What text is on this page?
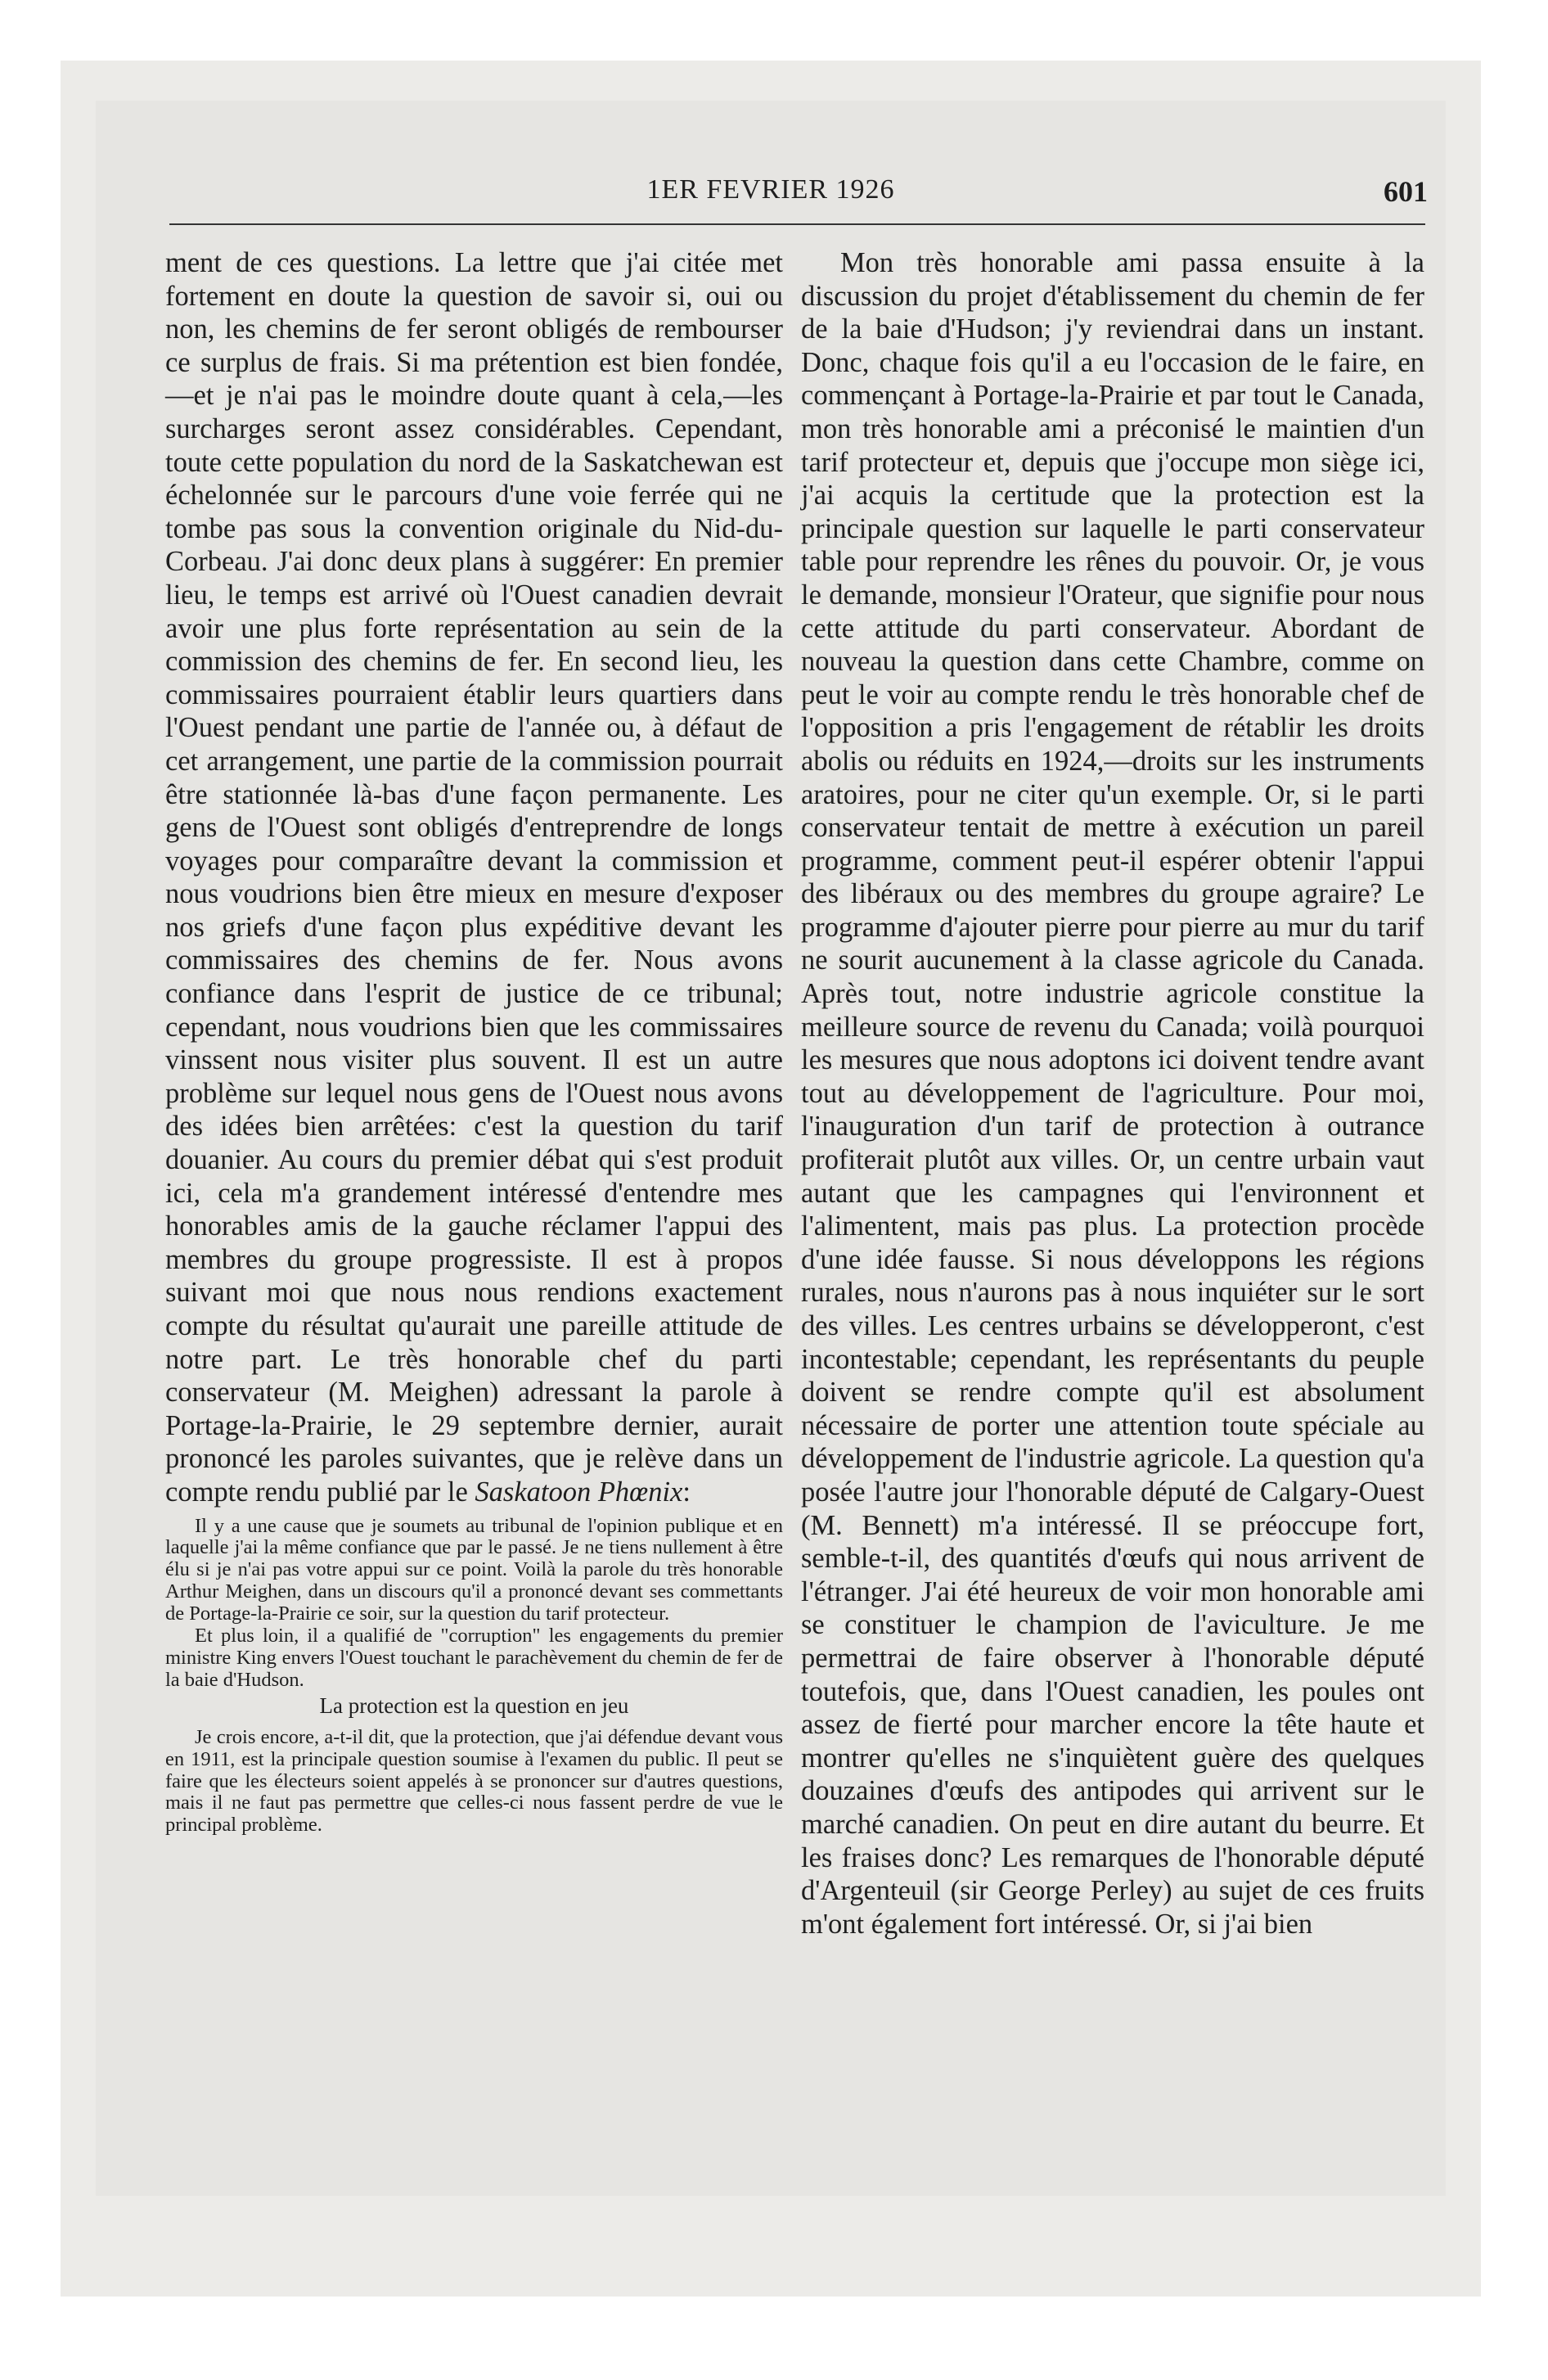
1ER FEVRIER 1926	601

ment de ces questions. La lettre que j'ai citée met fortement en doute la question de savoir si, oui ou non, les chemins de fer seront obligés de rembourser ce surplus de frais. Si ma prétention est bien fondée,—et je n'ai pas le moindre doute quant à cela,—les surcharges seront assez considérables. Cependant, toute cette population du nord de la Saskatchewan est échelonnée sur le parcours d'une voie ferrée qui ne tombe pas sous la convention originale du Nid-du-Corbeau. J'ai donc deux plans à suggérer: En premier lieu, le temps est arrivé où l'Ouest canadien devrait avoir une plus forte représentation au sein de la commission des chemins de fer. En second lieu, les commissaires pourraient établir leurs quartiers dans l'Ouest pendant une partie de l'année ou, à défaut de cet arrangement, une partie de la commission pourrait être stationnée là-bas d'une façon permanente. Les gens de l'Ouest sont obligés d'entreprendre de longs voyages pour comparaître devant la commission et nous voudrions bien être mieux en mesure d'exposer nos griefs d'une façon plus expéditive devant les commissaires des chemins de fer. Nous avons confiance dans l'esprit de justice de ce tribunal; cependant, nous voudrions bien que les commissaires vinssent nous visiter plus souvent. Il est un autre problème sur lequel nous gens de l'Ouest nous avons des idées bien arrêtées: c'est la question du tarif douanier. Au cours du premier débat qui s'est produit ici, cela m'a grandement intéressé d'entendre mes honorables amis de la gauche réclamer l'appui des membres du groupe progressiste. Il est à propos suivant moi que nous nous rendions exactement compte du résultat qu'aurait une pareille attitude de notre part. Le très honorable chef du parti conservateur (M. Meighen) adressant la parole à Portage-la-Prairie, le 29 septembre dernier, aurait prononcé les paroles suivantes, que je relève dans un compte rendu publié par le Saskatoon Phœnix:

Il y a une cause que je soumets au tribunal de l'opinion publique et en laquelle j'ai la même confiance que par le passé. Je ne tiens nullement à être élu si je n'ai pas votre appui sur ce point. Voilà la parole du très honorable Arthur Meighen, dans un discours qu'il a prononcé devant ses commettants de Portage-la-Prairie ce soir, sur la question du tarif protecteur.

Et plus loin, il a qualifié de "corruption" les engagements du premier ministre King envers l'Ouest touchant le parachèvement du chemin de fer de la baie d'Hudson.

La protection est la question en jeu

Je crois encore, a-t-il dit, que la protection, que j'ai défendue devant vous en 1911, est la principale question soumise à l'examen du public. Il peut se faire que les électeurs soient appelés à se prononcer sur d'autres questions, mais il ne faut pas permettre que celles-ci nous fassent perdre de vue le principal problème.

Mon très honorable ami passa ensuite à la discussion du projet d'établissement du chemin de fer de la baie d'Hudson; j'y reviendrai dans un instant. Donc, chaque fois qu'il a eu l'occasion de le faire, en commençant à Portage-la-Prairie et par tout le Canada, mon très honorable ami a préconisé le maintien d'un tarif protecteur et, depuis que j'occupe mon siège ici, j'ai acquis la certitude que la protection est la principale question sur laquelle le parti conservateur table pour reprendre les rênes du pouvoir. Or, je vous le demande, monsieur l'Orateur, que signifie pour nous cette attitude du parti conservateur. Abordant de nouveau la question dans cette Chambre, comme on peut le voir au compte rendu le très honorable chef de l'opposition a pris l'engagement de rétablir les droits abolis ou réduits en 1924,—droits sur les instruments aratoires, pour ne citer qu'un exemple. Or, si le parti conservateur tentait de mettre à exécution un pareil programme, comment peut-il espérer obtenir l'appui des libéraux ou des membres du groupe agraire? Le programme d'ajouter pierre pour pierre au mur du tarif ne sourit aucunement à la classe agricole du Canada. Après tout, notre industrie agricole constitue la meilleure source de revenu du Canada; voilà pourquoi les mesures que nous adoptons ici doivent tendre avant tout au développement de l'agriculture. Pour moi, l'inauguration d'un tarif de protection à outrance profiterait plutôt aux villes. Or, un centre urbain vaut autant que les campagnes qui l'environnent et l'alimentent, mais pas plus. La protection procède d'une idée fausse. Si nous développons les régions rurales, nous n'aurons pas à nous inquiéter sur le sort des villes. Les centres urbains se développeront, c'est incontestable; cependant, les représentants du peuple doivent se rendre compte qu'il est absolument nécessaire de porter une attention toute spéciale au développement de l'industrie agricole. La question qu'a posée l'autre jour l'honorable député de Calgary-Ouest (M. Bennett) m'a intéressé. Il se préoccupe fort, semble-t-il, des quantités d'œufs qui nous arrivent de l'étranger. J'ai été heureux de voir mon honorable ami se constituer le champion de l'aviculture. Je me permettrai de faire observer à l'honorable député toutefois, que, dans l'Ouest canadien, les poules ont assez de fierté pour marcher encore la tête haute et montrer qu'elles ne s'inquiètent guère des quelques douzaines d'œufs des antipodes qui arrivent sur le marché canadien. On peut en dire autant du beurre. Et les fraises donc? Les remarques de l'honorable député d'Argenteuil (sir George Perley) au sujet de ces fruits m'ont également fort intéressé. Or, si j'ai bien
